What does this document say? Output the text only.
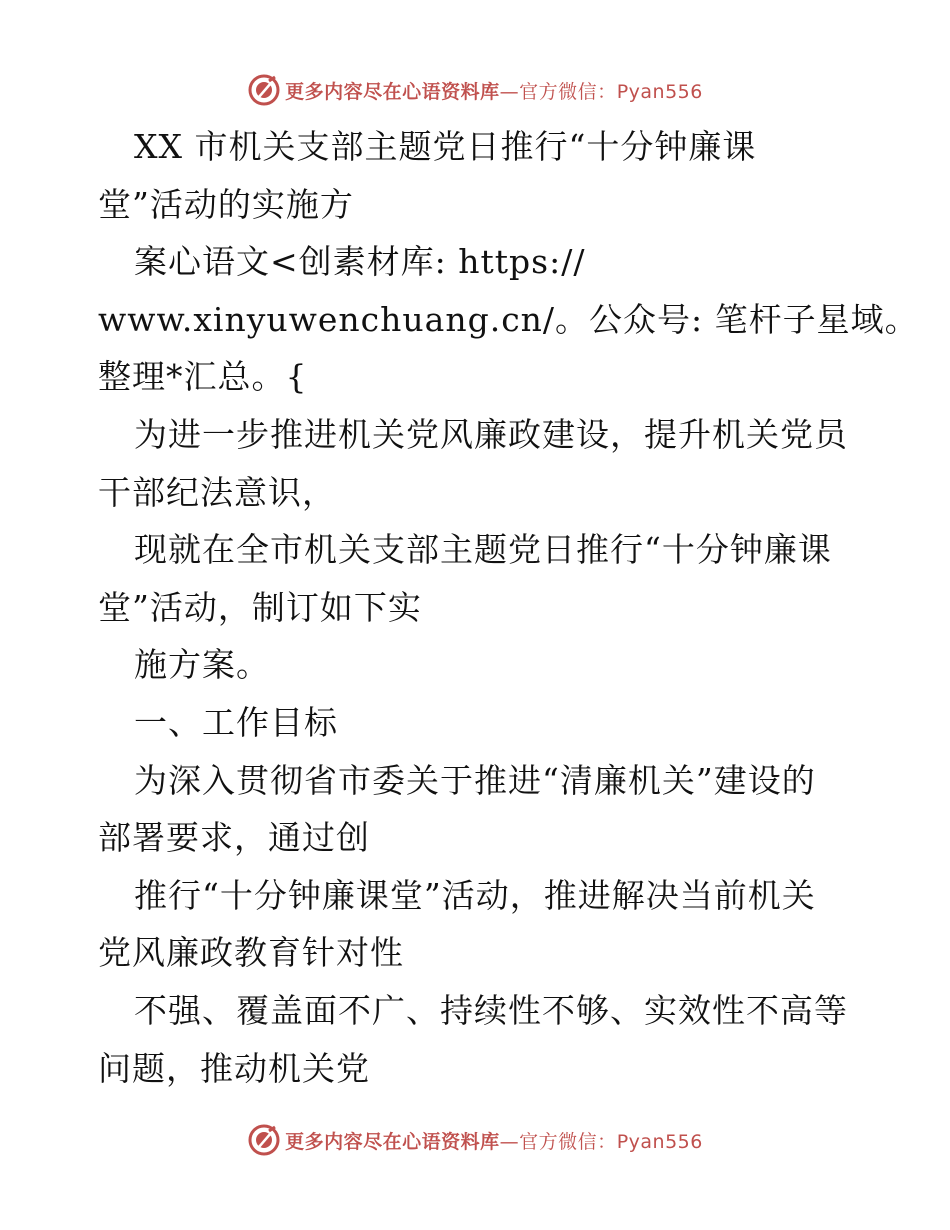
更多内容尽在心语资料库—官方微信：Pyan556
XX 市机关支部主题党日推行“十分钟廉课
堂”活动的实施方
案心语文<创素材库: https://
www.xinyuwenchuang.cn/。公众号: 笔杆子星域。
整理*汇总。{
为进一步推进机关党风廉政建设，提升机关党员
干部纪法意识，
现就在全市机关支部主题党日推行“十分钟廉课
堂”活动，制订如下实
施方案。
一、工作目标
为深入贯彻省市委关于推进“清廉机关”建设的
部署要求，通过创
推行“十分钟廉课堂”活动，推进解决当前机关
党风廉政教育针对性
不强、覆盖面不广、持续性不够、实效性不高等
问题，推动机关党
更多内容尽在心语资料库—官方微信：Pyan556
